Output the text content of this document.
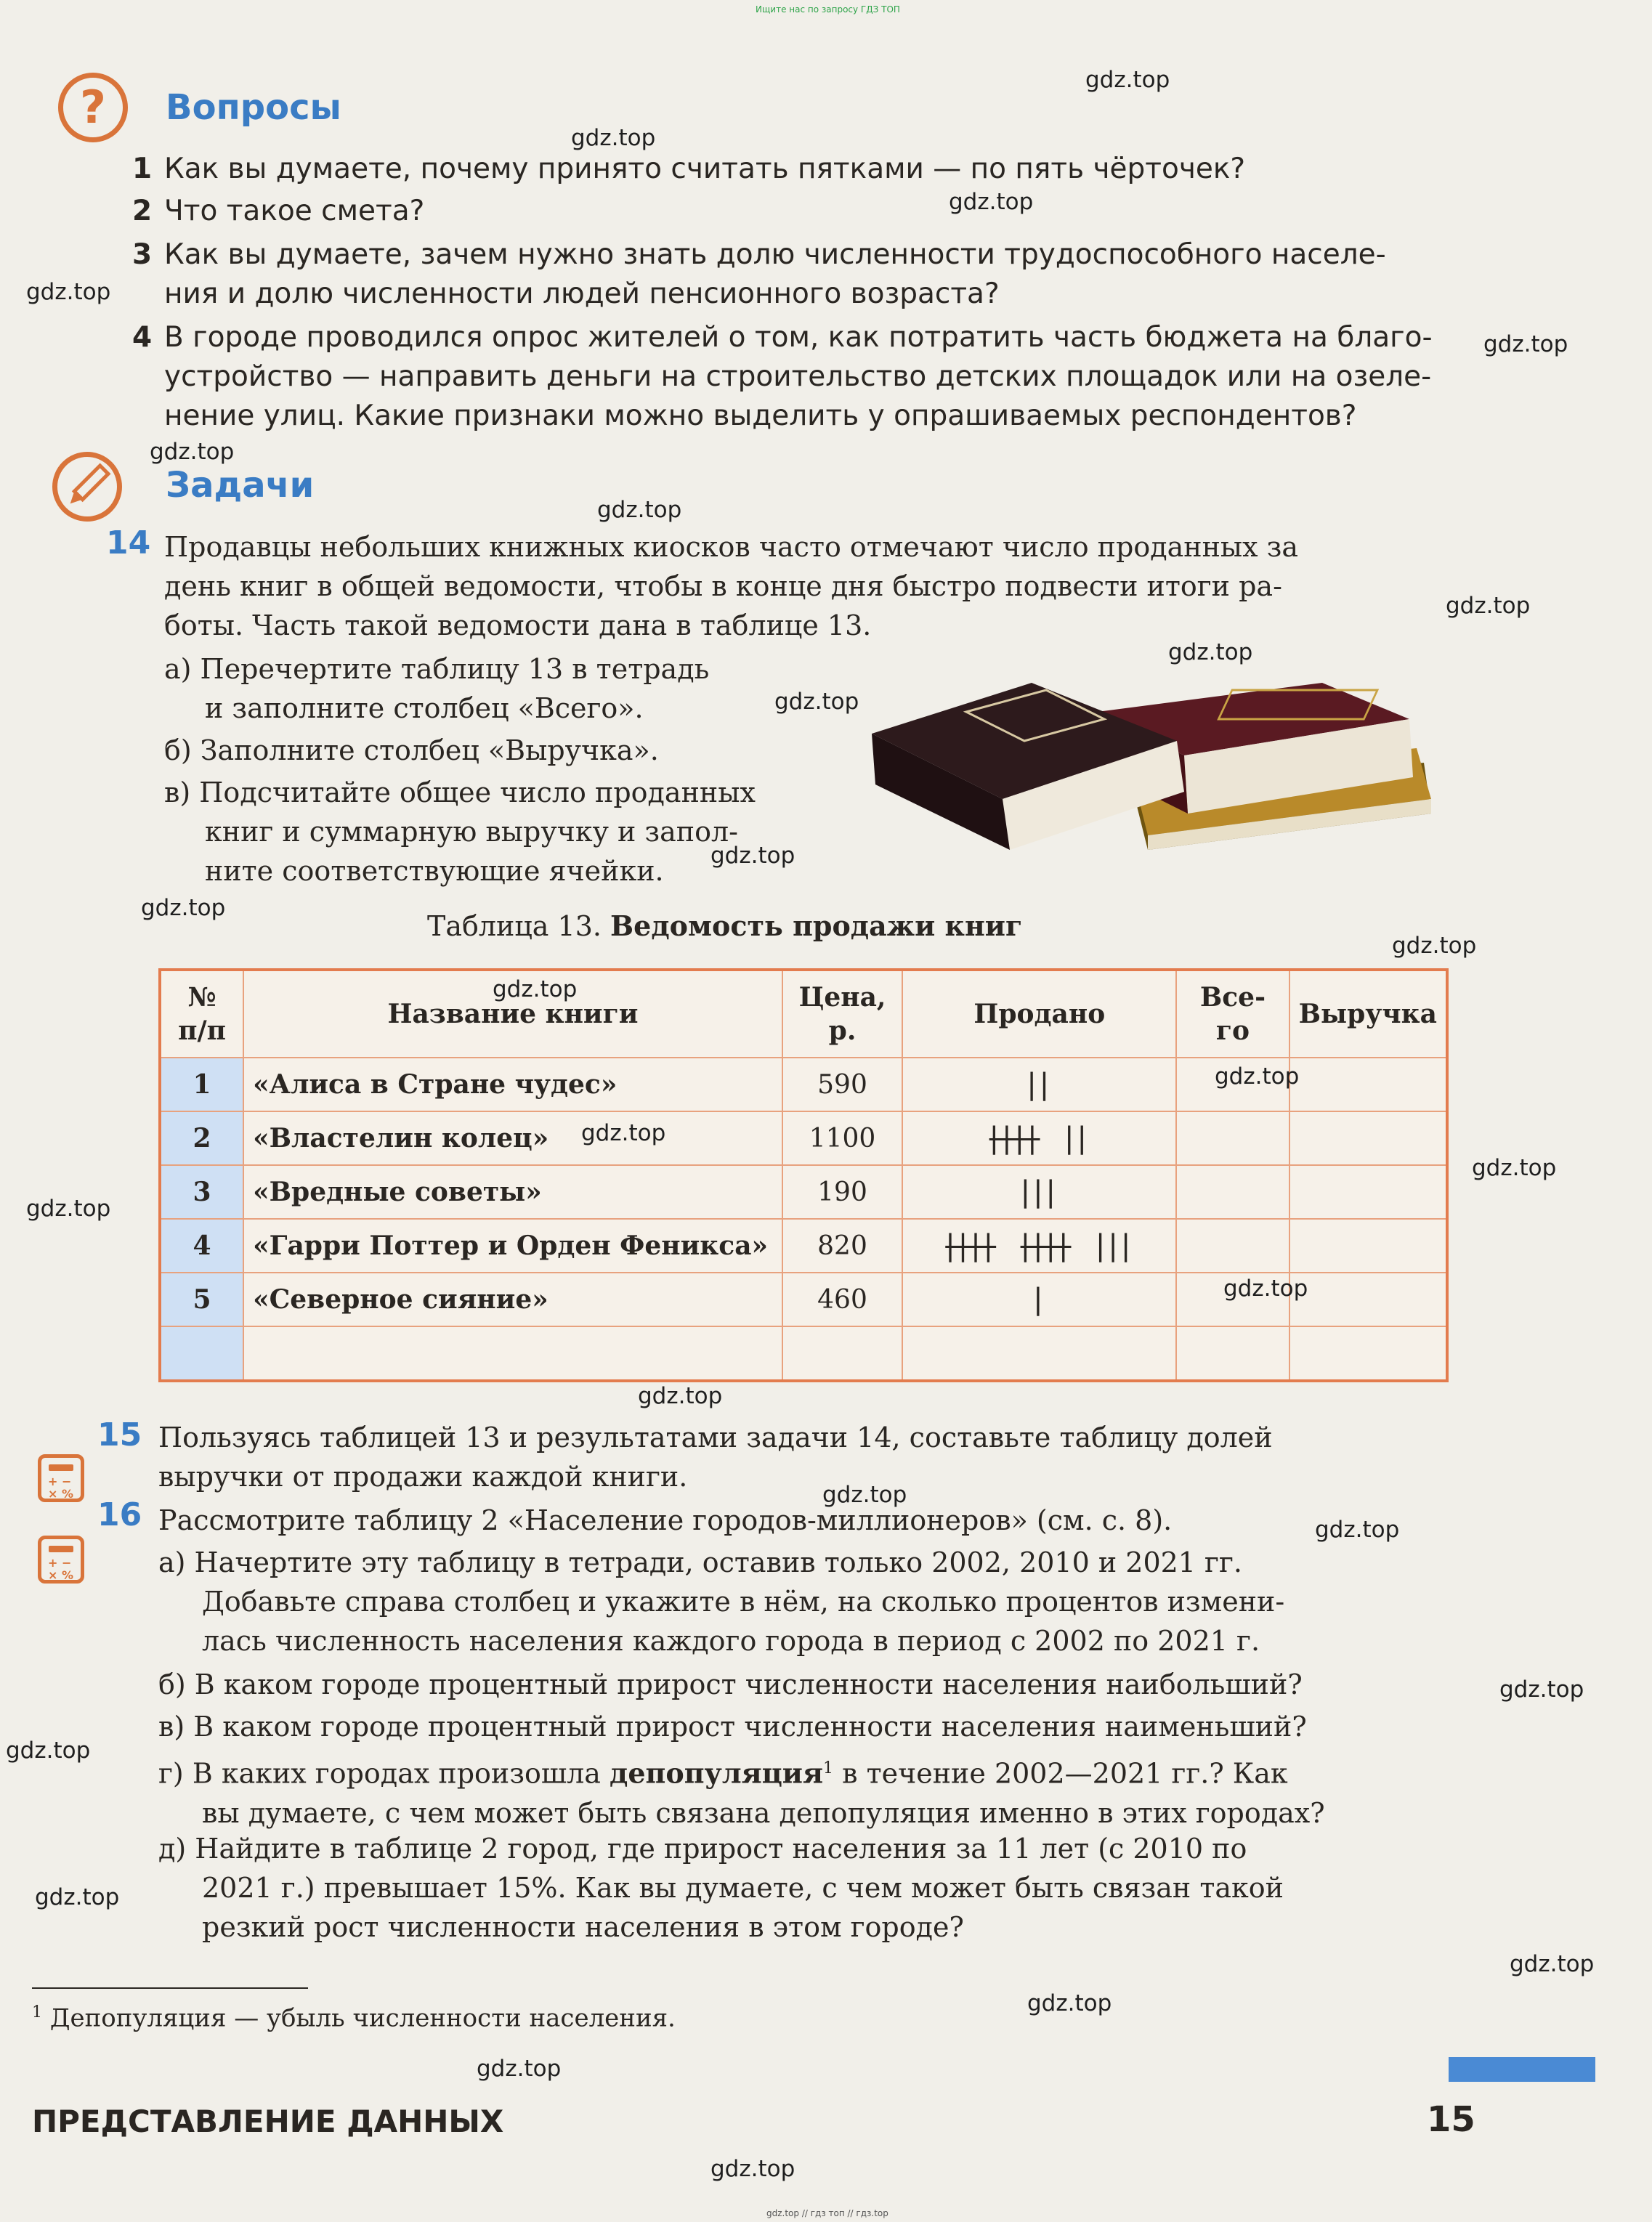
Ищите нас по запросу ГДЗ ТОП
?	Вопросы
1 Как вы думаете, почему принято считать пятками — по пять чёрточек?
2 Что такое смета?
3 Как вы думаете, зачем нужно знать долю численности трудоспособного населе-
ния и долю численности людей пенсионного возраста?
4 В городе проводился опрос жителей о том, как потратить часть бюджета на благо-
устройство — направить деньги на строительство детских площадок или на озеле-
нение улиц. Какие признаки можно выделить у опрашиваемых респондентов?
Задачи
14 Продавцы небольших книжных киосков часто отмечают число проданных за
день книг в общей ведомости, чтобы в конце дня быстро подвести итоги ра-
боты. Часть такой ведомости дана в таблице 13.
а) Перечертите таблицу 13 в тетрадь
и заполните столбец «Всего».
б) Заполните столбец «Выручка».
в) Подсчитайте общее число проданных
книг и суммарную выручку и запол-
ните соответствующие ячейки.
Таблица 13. Ведомость продажи книг
№ п/п	Название книги	Цена, р.	Продано	Все- го	Выручка
1	«Алиса в Стране чудес»	590	||		
2	«Властелин колец»	1100	||||  ||		
3	«Вредные советы»	190	|||		
4	«Гарри Поттер и Орден Феникса»	820	|||| ||||  |||		
5	«Северное сияние»	460	|		

15
+ −
× %
Пользуясь таблицей 13 и результатами задачи 14, составьте таблицу долей
выручки от продажи каждой книги.
16
+ −
× %
Рассмотрите таблицу 2 «Население городов-миллионеров» (см. с. 8).
а) Начертите эту таблицу в тетради, оставив только 2002, 2010 и 2021 гг.
Добавьте справа столбец и укажите в нём, на сколько процентов измени-
лась численность населения каждого города в период с 2002 по 2021 г.
б) В каком городе процентный прирост численности населения наибольший?
в) В каком городе процентный прирост численности населения наименьший?
г) В каких городах произошла депопуляция$^1$ в течение 2002—2021 гг.? Как
вы думаете, с чем может быть связана депопуляция именно в этих городах?
д) Найдите в таблице 2 город, где прирост населения за 11 лет (с 2010 по
2021 г.) превышает 15%. Как вы думаете, с чем может быть связан такой
резкий рост численности населения в этом городе?
$^1$ Депопуляция — убыль численности населения.
ПРЕДСТАВЛЕНИЕ ДАННЫХ	15
gdz.top
gdz.top
gdz.top
gdz.top
gdz.top
gdz.top
gdz.top
gdz.top
gdz.top
gdz.top
gdz.top
gdz.top
gdz.top
gdz.top
gdz.top
gdz.top
gdz.top
gdz.top
gdz.top
gdz.top
gdz.top
gdz.top
gdz.top
gdz.top
gdz.top
gdz.top
gdz.top
gdz.top
gdz.top
gdz.top // гдз топ // гдз.top
